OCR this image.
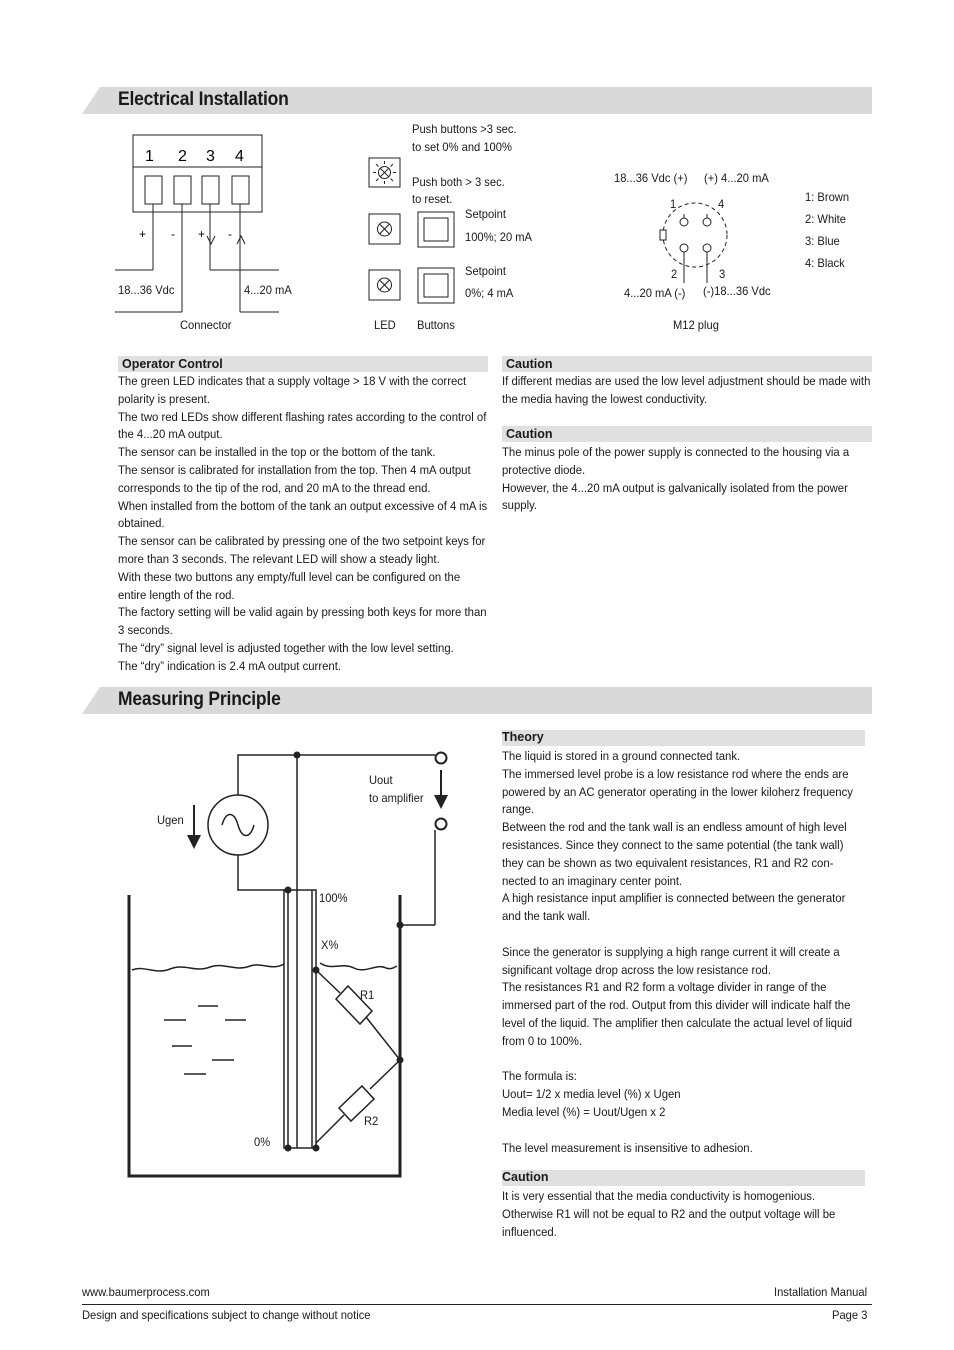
Electrical Installation
1 2 3 4
+ - + -
18...36 Vdc	4...20 mA
Connector
Push buttons >3 sec.
to set 0% and 100%
Push both > 3 sec.
to reset.
Setpoint
100%; 20 mA
Setpoint
0%; 4 mA
LED Buttons
18...36 Vdc (+) (+) 4...20 mA
1	4
2	3
4...20 mA (-) (-)18...36 Vdc
M12 plug
1: Brown
2: White
3: Blue
4: Black
Operator Control

The green LED indicates that a supply voltage > 18 V with the correct polarity is present.

The two red LEDs show different flashing rates according to the control of the 4...20 mA output.

The sensor can be installed in the top or the bottom of the tank.

The sensor is calibrated for installation from the top. Then 4 mA output corresponds to the tip of the rod, and 20 mA to the thread end.

When installed from the bottom of the tank an output excessive of 4 mA is obtained.

The sensor can be calibrated by pressing one of the two setpoint keys for more than 3 seconds. The relevant LED will show a steady light.

With these two buttons any empty/full level can be configured on the entire length of the rod.

The factory setting will be valid again by pressing both keys for more than 3 seconds.

The “dry” signal level is adjusted together with the low level setting.

The “dry” indication is 2.4 mA output current.

Caution

If different medias are used the low level adjustment should be made with the media having the lowest conductivity.

Caution

The minus pole of the power supply is connected to the housing via a protective diode.

However, the 4...20 mA output is galvanically isolated from the power supply.

Measuring Principle
Ugen
Uout
to amplifier
100%
X%
R1
R2
0%
Theory

The liquid is stored in a ground connected tank.

The immersed level probe is a low resistance rod where the ends are powered by an AC generator operating in the lower kiloherz frequency range.

Between the rod and the tank wall is an endless amount of high level resistances. Since they connect to the same potential (the tank wall) they can be shown as two equivalent resistances, R1 and R2 con-nected to an imaginary center point.

A high resistance input amplifier is connected between the generator and the tank wall.

Since the generator is supplying a high range current it will create a significant voltage drop across the low resistance rod.

The resistances R1 and R2 form a voltage divider in range of the immersed part of the rod. Output from this divider will indicate half the level of the liquid. The amplifier then calculate the actual level of liquid from 0 to 100%.

The formula is:

Uout= 1/2 x media level (%) x Ugen

Media level (%) = Uout/Ugen x 2

The level measurement is insensitive to adhesion.

Caution

It is very essential that the media conductivity is homogenious. Otherwise R1 will not be equal to R2 and the output voltage will be influenced.

www.baumerprocess.com	Installation Manual
Design and specifications subject to change without notice	Page 3
